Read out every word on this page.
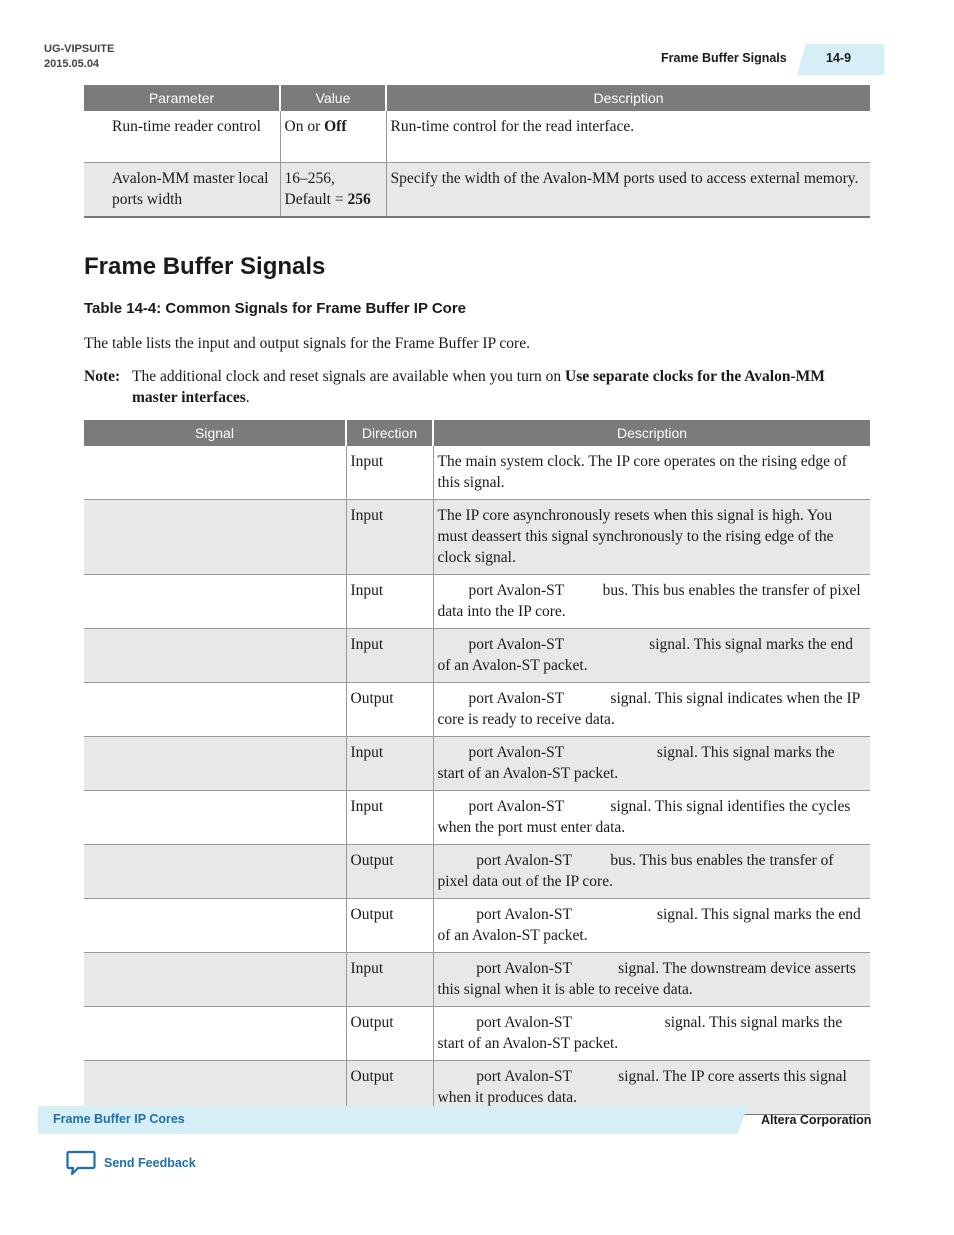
UG-VIPSUITE
2015.05.04	Frame Buffer Signals	14-9
Parameter	Value	Description
Run-time reader control	On or Off	Run-time control for the read interface.
Avalon-MM master local ports width	16–256, Default = 256	Specify the width of the Avalon-MM ports used to access external memory.
Frame Buffer Signals
Table 14-4: Common Signals for Frame Buffer IP Core
The table lists the input and output signals for the Frame Buffer IP core.
Note: The additional clock and reset signals are available when you turn on Use separate clocks for the Avalon-MM master interfaces.
Signal	Direction	Description
	Input	The main system clock. The IP core operates on the rising edge of this signal.
	Input	The IP core asynchronously resets when this signal is high. You must deassert this signal synchronously to the rising edge of the clock signal.
	Input	port Avalon-ST          bus. This bus enables the transfer of pixel data into the IP core.
	Input	port Avalon-ST                      signal. This signal marks the end of an Avalon-ST packet.
	Output	port Avalon-ST            signal. This signal indicates when the IP core is ready to receive data.
	Input	port Avalon-ST                        signal. This signal marks the start of an Avalon-ST packet.
	Input	port Avalon-ST            signal. This signal identifies the cycles when the port must enter data.
	Output	port Avalon-ST          bus. This bus enables the transfer of pixel data out of the IP core.
	Output	port Avalon-ST                      signal. This signal marks the end of an Avalon-ST packet.
	Input	port Avalon-ST            signal. The downstream device asserts this signal when it is able to receive data.
	Output	port Avalon-ST                        signal. This signal marks the start of an Avalon-ST packet.
	Output	port Avalon-ST            signal. The IP core asserts this signal when it produces data.
Frame Buffer IP Cores	Altera Corporation
Send Feedback
